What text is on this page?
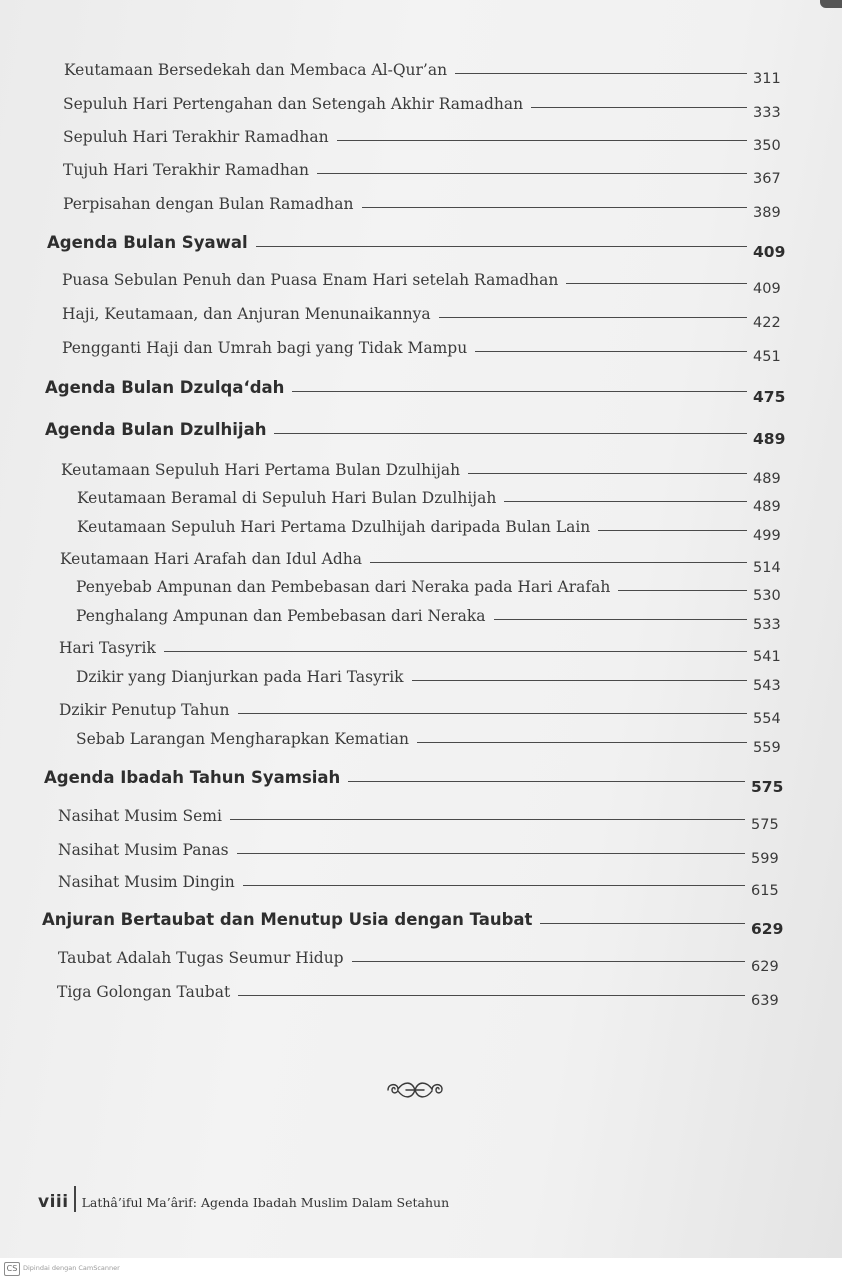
Keutamaan Bersedekah dan Membaca Al-Qur’an	311
Sepuluh Hari Pertengahan dan Setengah Akhir Ramadhan	333
Sepuluh Hari Terakhir Ramadhan	350
Tujuh Hari Terakhir Ramadhan	367
Perpisahan dengan Bulan Ramadhan	389
Agenda Bulan Syawal	409
Puasa Sebulan Penuh dan Puasa Enam Hari setelah Ramadhan	409
Haji, Keutamaan, dan Anjuran Menunaikannya	422
Pengganti Haji dan Umrah bagi yang Tidak Mampu	451
Agenda Bulan Dzulqa‘dah	475
Agenda Bulan Dzulhijah	489
Keutamaan Sepuluh Hari Pertama Bulan Dzulhijah	489
Keutamaan Beramal di Sepuluh Hari Bulan Dzulhijah	489
Keutamaan Sepuluh Hari Pertama Dzulhijah daripada Bulan Lain	499
Keutamaan Hari Arafah dan Idul Adha	514
Penyebab Ampunan dan Pembebasan dari Neraka pada Hari Arafah	530
Penghalang Ampunan dan Pembebasan dari Neraka	533
Hari Tasyrik	541
Dzikir yang Dianjurkan pada Hari Tasyrik	543
Dzikir Penutup Tahun	554
Sebab Larangan Mengharapkan Kematian	559
Agenda Ibadah Tahun Syamsiah	575
Nasihat Musim Semi	575
Nasihat Musim Panas	599
Nasihat Musim Dingin	615
Anjuran Bertaubat dan Menutup Usia dengan Taubat	629
Taubat Adalah Tugas Seumur Hidup	629
Tiga Golongan Taubat	639
viii Lathâ’iful Ma’ârif: Agenda Ibadah Muslim Dalam Setahun
CS Dipindai dengan CamScanner
